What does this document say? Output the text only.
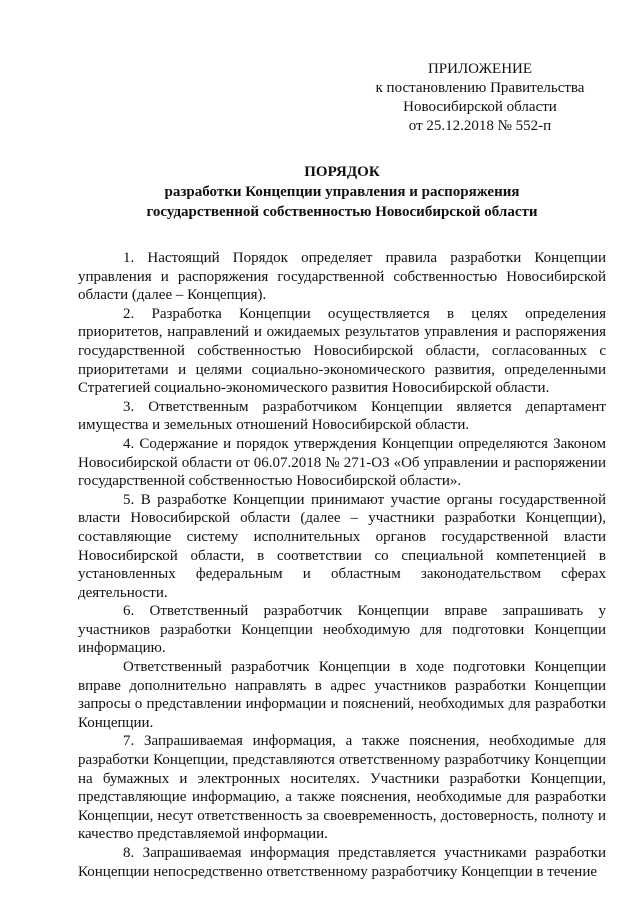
ПРИЛОЖЕНИЕ
к постановлению Правительства
Новосибирской области
от 25.12.2018 № 552-п
ПОРЯДОК
разработки Концепции управления и распоряжения
государственной собственностью Новосибирской области

1. Настоящий Порядок определяет правила разработки Концепции управления и распоряжения государственной собственностью Новосибирской области (далее – Концепция).

2. Разработка Концепции осуществляется в целях определения приоритетов, направлений и ожидаемых результатов управления и распоряжения государственной собственностью Новосибирской области, согласованных с приоритетами и целями социально-экономического развития, определенными Стратегией социально-экономического развития Новосибирской области.

3. Ответственным разработчиком Концепции является департамент имущества и земельных отношений Новосибирской области.

4. Содержание и порядок утверждения Концепции определяются Законом Новосибирской области от 06.07.2018 № 271-ОЗ «Об управлении и распоряжении государственной собственностью Новосибирской области».

5. В разработке Концепции принимают участие органы государственной власти Новосибирской области (далее – участники разработки Концепции), составляющие систему исполнительных органов государственной власти Новосибирской области, в соответствии со специальной компетенцией в установленных федеральным и областным законодательством сферах деятельности.

6. Ответственный разработчик Концепции вправе запрашивать у участников разработки Концепции необходимую для подготовки Концепции информацию.

Ответственный разработчик Концепции в ходе подготовки Концепции вправе дополнительно направлять в адрес участников разработки Концепции запросы о представлении информации и пояснений, необходимых для разработки Концепции.

7. Запрашиваемая информация, а также пояснения, необходимые для разработки Концепции, представляются ответственному разработчику Концепции на бумажных и электронных носителях. Участники разработки Концепции, представляющие информацию, а также пояснения, необходимые для разработки Концепции, несут ответственность за своевременность, достоверность, полноту и качество представляемой информации.

8. Запрашиваемая информация представляется участниками разработки Концепции непосредственно ответственному разработчику Концепции в течение
